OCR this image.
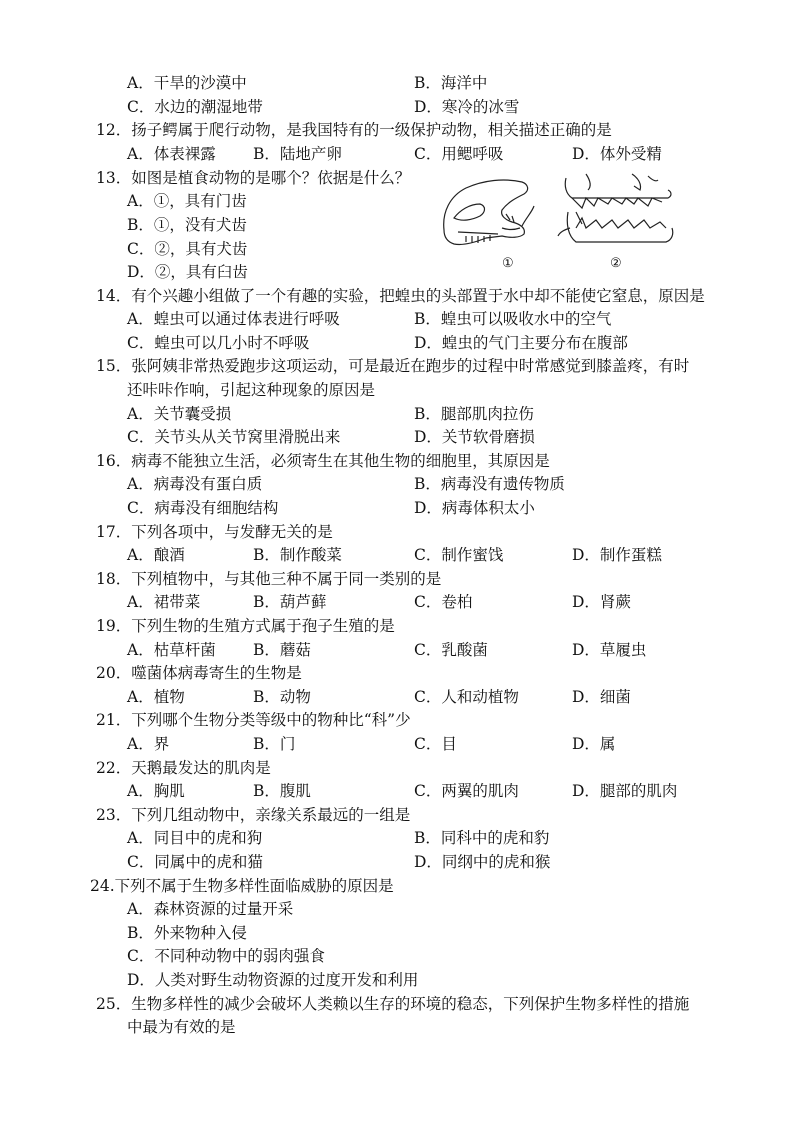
A．干旱的沙漠中	B．海洋中
C．水边的潮湿地带	D．寒冷的冰雪
12．扬子鳄属于爬行动物，是我国特有的一级保护动物，相关描述正确的是
A．体表裸露 B．陆地产卵	C．用鳃呼吸	D．体外受精
13．如图是植食动物的是哪个？依据是什么？
A．①，具有门齿
B．①，没有犬齿
C．②，具有犬齿
D．②，具有臼齿	①	②
14．有个兴趣小组做了一个有趣的实验，把蝗虫的头部置于水中却不能使它窒息，原因是
A．蝗虫可以通过体表进行呼吸	B．蝗虫可以吸收水中的空气
C．蝗虫可以几小时不呼吸	D．蝗虫的气门主要分布在腹部
15．张阿姨非常热爱跑步这项运动，可是最近在跑步的过程中时常感觉到膝盖疼，有时
还咔咔作响，引起这种现象的原因是
A．关节囊受损	B．腿部肌肉拉伤
C．关节头从关节窝里滑脱出来	D．关节软骨磨损
16．病毒不能独立生活，必须寄生在其他生物的细胞里，其原因是
A．病毒没有蛋白质	B．病毒没有遗传物质
C．病毒没有细胞结构	D．病毒体积太小
17．下列各项中，与发酵无关的是
A．酿酒	B．制作酸菜	C．制作蜜饯	D．制作蛋糕
18．下列植物中，与其他三种不属于同一类别的是
A．裙带菜	B．葫芦藓	C．卷柏	D．肾蕨
19．下列生物的生殖方式属于孢子生殖的是
A．枯草杆菌 B．蘑菇	C．乳酸菌	D．草履虫
20．噬菌体病毒寄生的生物是
A．植物	B．动物	C．人和动植物	D．细菌
21．下列哪个生物分类等级中的物种比“科”少
A．界	B．门	C．目	D．属
22．天鹅最发达的肌肉是
A．胸肌	B．腹肌	C．两翼的肌肉	D．腿部的肌肉
23．下列几组动物中，亲缘关系最远的一组是
A．同目中的虎和狗	B．同科中的虎和豹
C．同属中的虎和猫	D．同纲中的虎和猴
24.下列不属于生物多样性面临威胁的原因是
A．森林资源的过量开采
B．外来物种入侵
C．不同种动物中的弱肉强食
D．人类对野生动物资源的过度开发和利用
25．生物多样性的减少会破坏人类赖以生存的环境的稳态，下列保护生物多样性的措施
中最为有效的是
